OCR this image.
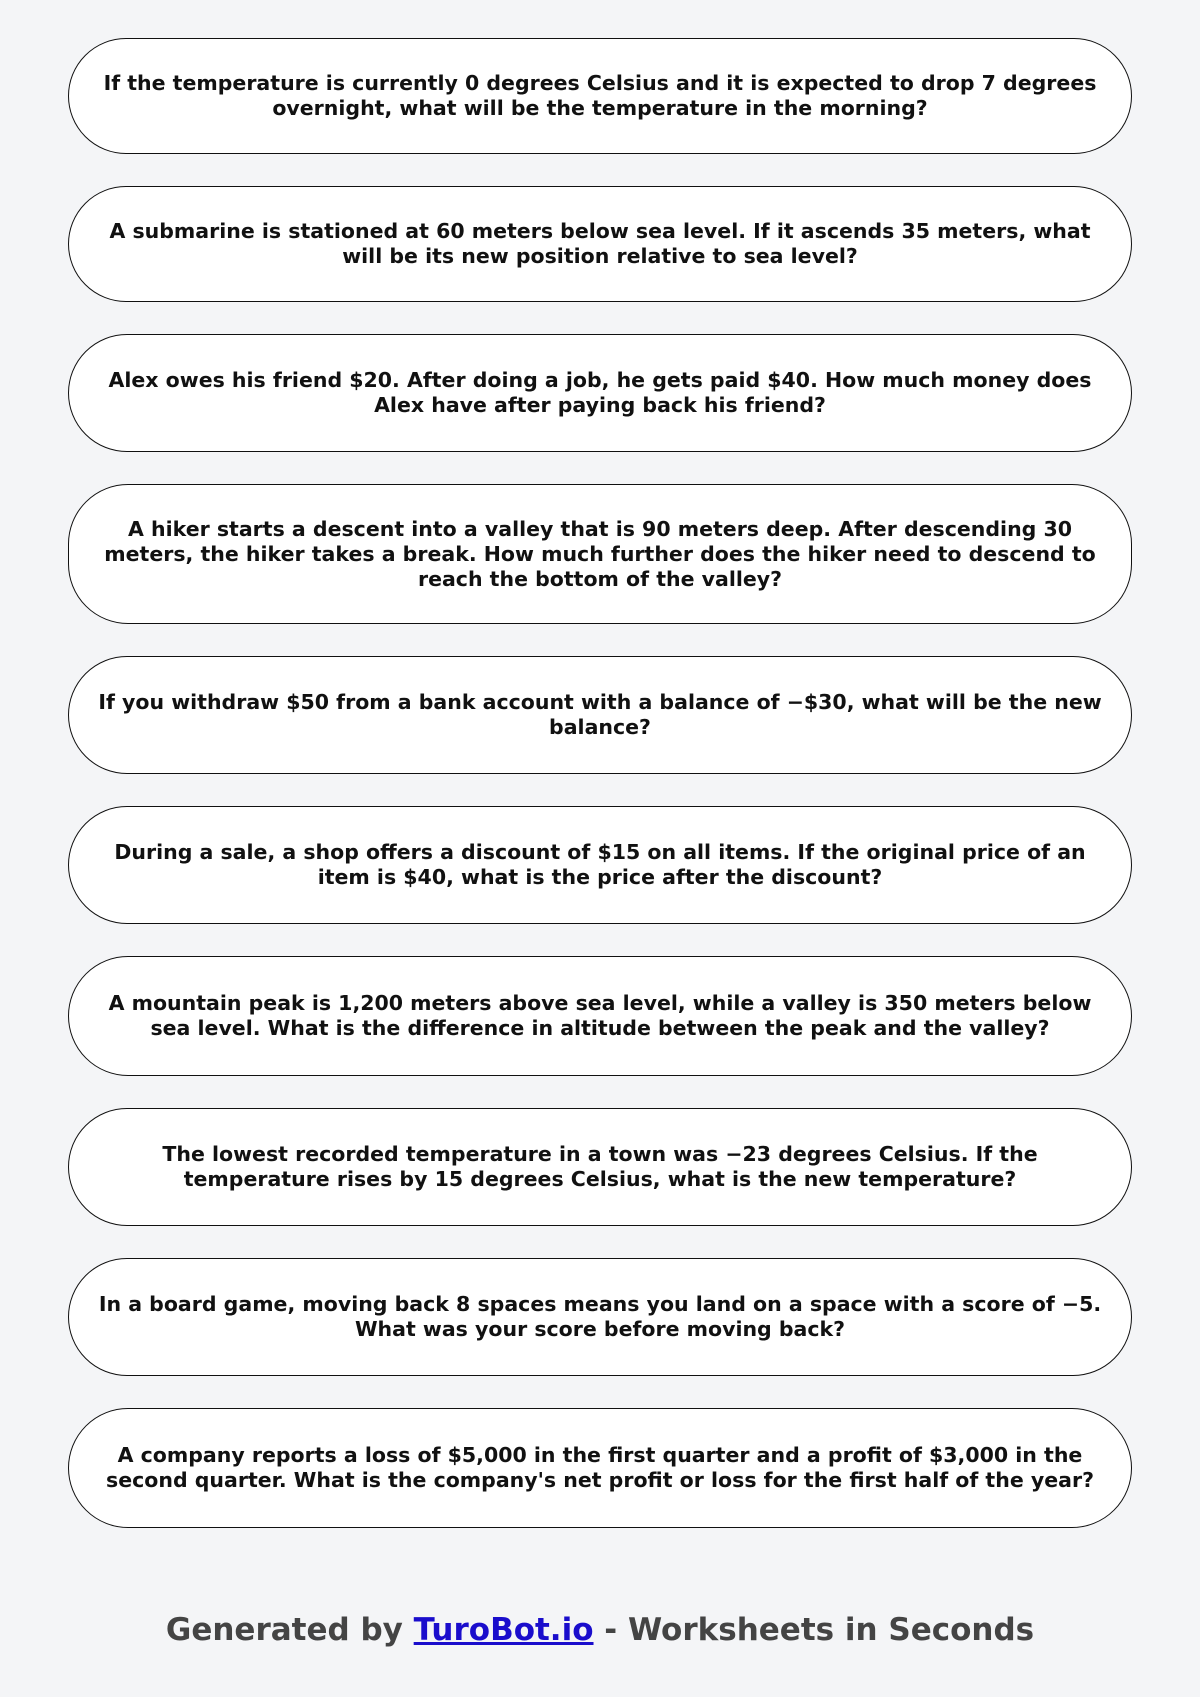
If the temperature is currently 0 degrees Celsius and it is expected to drop 7 degrees overnight, what will be the temperature in the morning?
A submarine is stationed at 60 meters below sea level. If it ascends 35 meters, what will be its new position relative to sea level?
Alex owes his friend $20. After doing a job, he gets paid $40. How much money does Alex have after paying back his friend?
A hiker starts a descent into a valley that is 90 meters deep. After descending 30 meters, the hiker takes a break. How much further does the hiker need to descend to reach the bottom of the valley?
If you withdraw $50 from a bank account with a balance of −$30, what will be the new balance?
During a sale, a shop offers a discount of $15 on all items. If the original price of an item is $40, what is the price after the discount?
A mountain peak is 1,200 meters above sea level, while a valley is 350 meters below sea level. What is the difference in altitude between the peak and the valley?
The lowest recorded temperature in a town was −23 degrees Celsius. If the temperature rises by 15 degrees Celsius, what is the new temperature?
In a board game, moving back 8 spaces means you land on a space with a score of −5. What was your score before moving back?
A company reports a loss of $5,000 in the first quarter and a profit of $3,000 in the second quarter. What is the company's net profit or loss for the first half of the year?
Generated by TuroBot.io - Worksheets in Seconds
